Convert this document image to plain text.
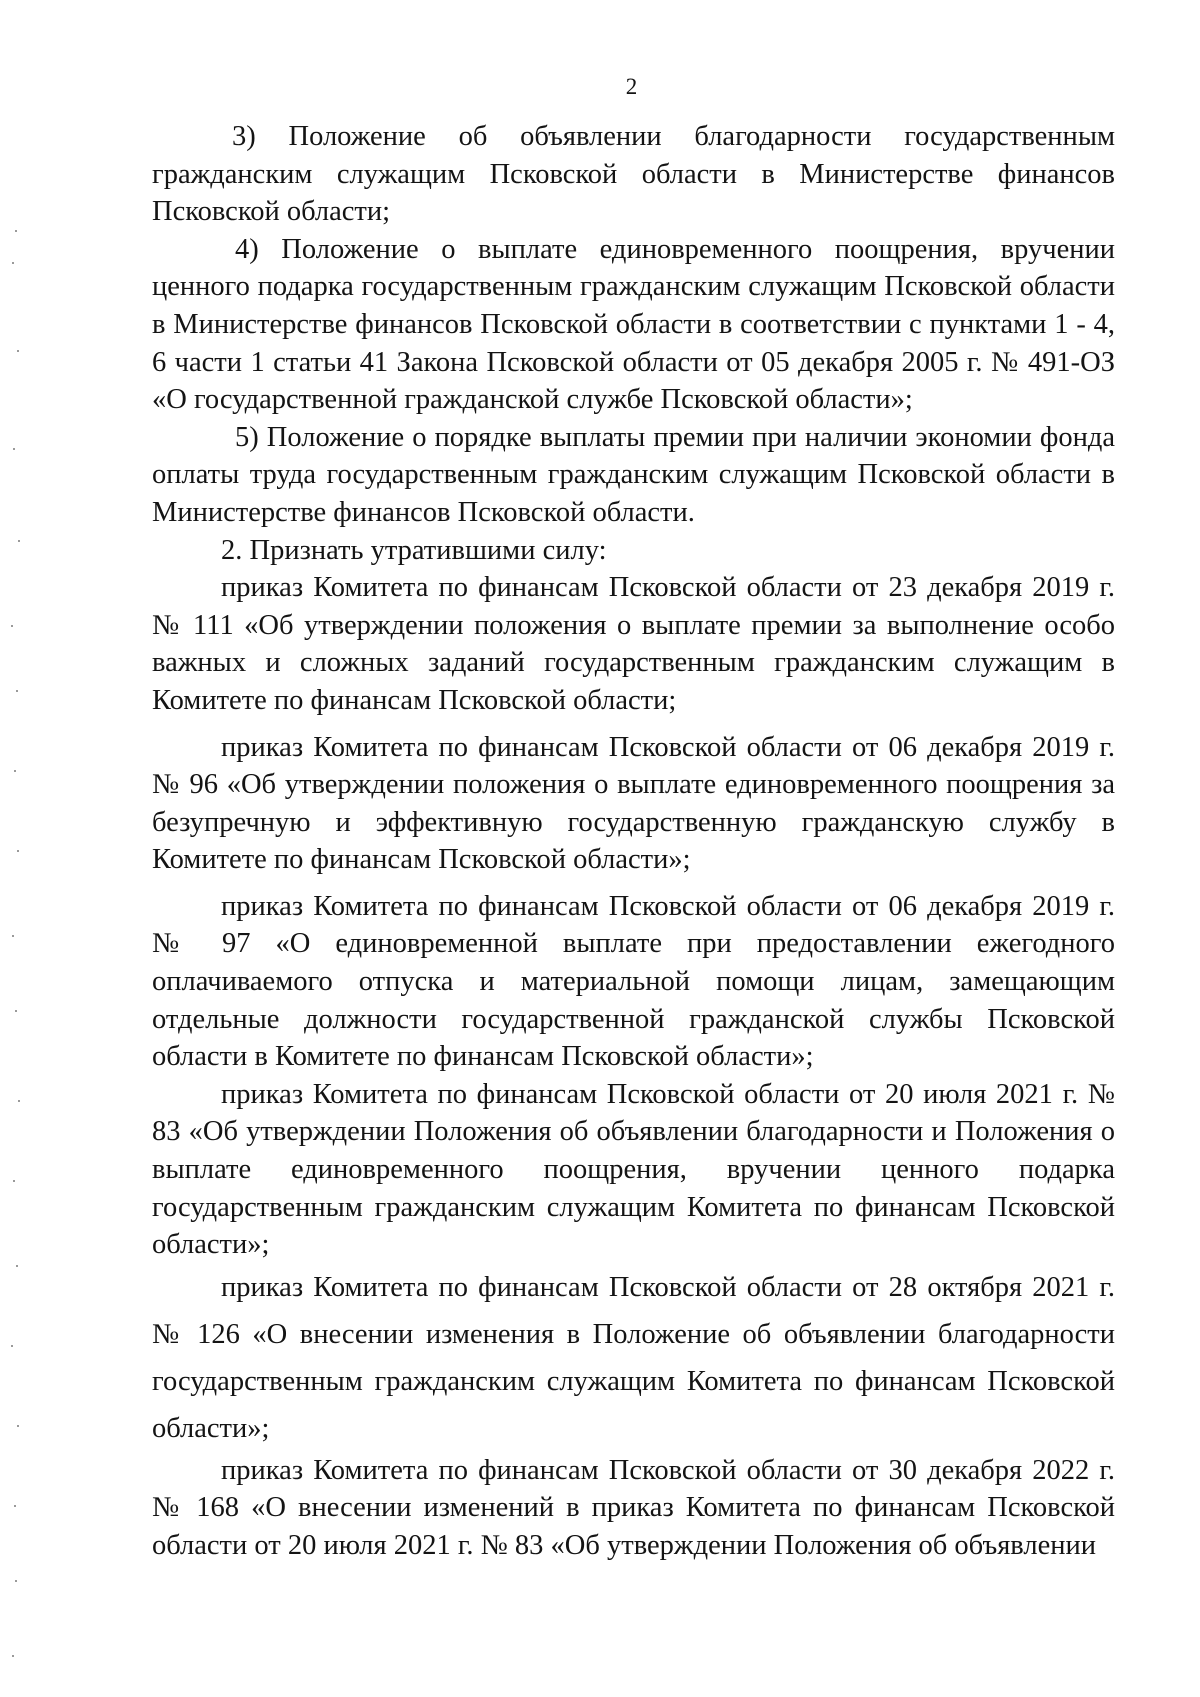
2

3) Положение об объявлении благодарности государственным гражданским служащим Псковской области в Министерстве финансов Псковской области;

4) Положение о выплате единовременного поощрения, вручении ценного подарка государственным гражданским служащим Псковской области в Министерстве финансов Псковской области в соответствии с пунктами 1 - 4, 6 части 1 статьи 41 Закона Псковской области от 05 декабря 2005 г. № 491-ОЗ «О государственной гражданской службе Псковской области»;

5) Положение о порядке выплаты премии при наличии экономии фонда оплаты труда государственным гражданским служащим Псковской области в Министерстве финансов Псковской области.

2. Признать утратившими силу:

приказ Комитета по финансам Псковской области от 23 декабря 2019 г. № 111 «Об утверждении положения о выплате премии за выполнение особо важных и сложных заданий государственным гражданским служащим в Комитете по финансам Псковской области;

приказ Комитета по финансам Псковской области от 06 декабря 2019 г. № 96 «Об утверждении положения о выплате единовременного поощрения за безупречную и эффективную государственную гражданскую службу в Комитете по финансам Псковской области»;

приказ Комитета по финансам Псковской области от 06 декабря 2019 г. № 97 «О единовременной выплате при предоставлении ежегодного оплачиваемого отпуска и материальной помощи лицам, замещающим отдельные должности государственной гражданской службы Псковской области в Комитете по финансам Псковской области»;

приказ Комитета по финансам Псковской области от 20 июля 2021 г. № 83 «Об утверждении Положения об объявлении благодарности и Положения о выплате единовременного поощрения, вручении ценного подарка государственным гражданским служащим Комитета по финансам Псковской области»;

приказ Комитета по финансам Псковской области от 28 октября 2021 г. № 126 «О внесении изменения в Положение об объявлении благодарности государственным гражданским служащим Комитета по финансам Псковской области»;

приказ Комитета по финансам Псковской области от 30 декабря 2022 г. № 168 «О внесении изменений в приказ Комитета по финансам Псковской области от 20 июля 2021 г. № 83 «Об утверждении Положения об объявлении
